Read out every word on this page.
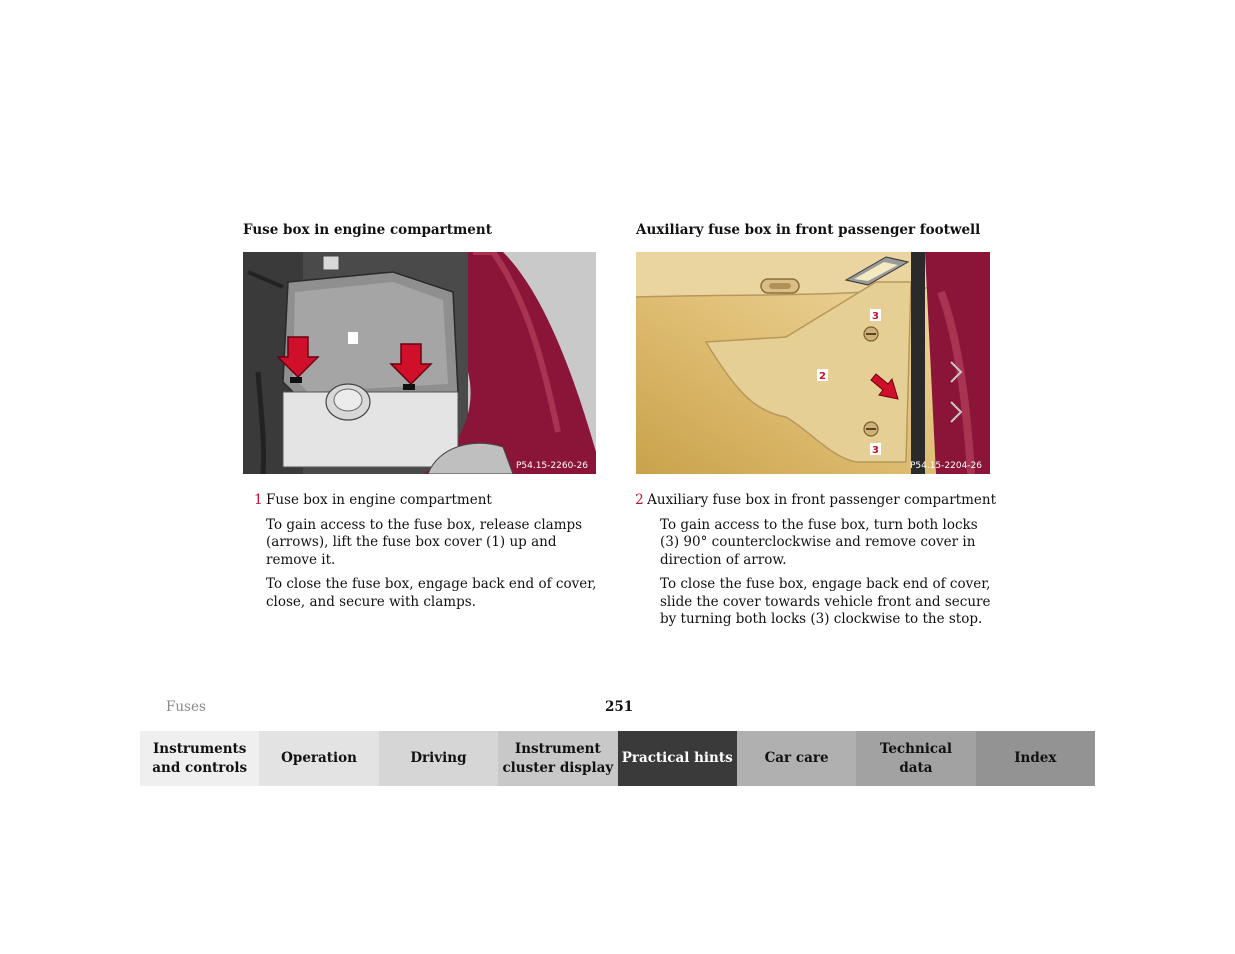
Fuse box in engine compartment
P54.15-2260-26
1 Fuse box in engine compartment
To gain access to the fuse box, release clamps (arrows), lift the fuse box cover (1) up and remove it.
To close the fuse box, engage back end of cover, close, and secure with clamps.
Auxiliary fuse box in front passenger footwell
3
2
3
P54.15-2204-26
2 Auxiliary fuse box in front passenger compartment
To gain access to the fuse box, turn both locks (3) 90° counterclockwise and remove cover in direction of arrow.
To close the fuse box, engage back end of cover, slide the cover towards vehicle front and secure by turning both locks (3) clockwise to the stop.
Fuses	251
Instruments
and controls
Operation	Driving
Instrument
cluster display
Practical hints	Car care
Technical
data
Index
